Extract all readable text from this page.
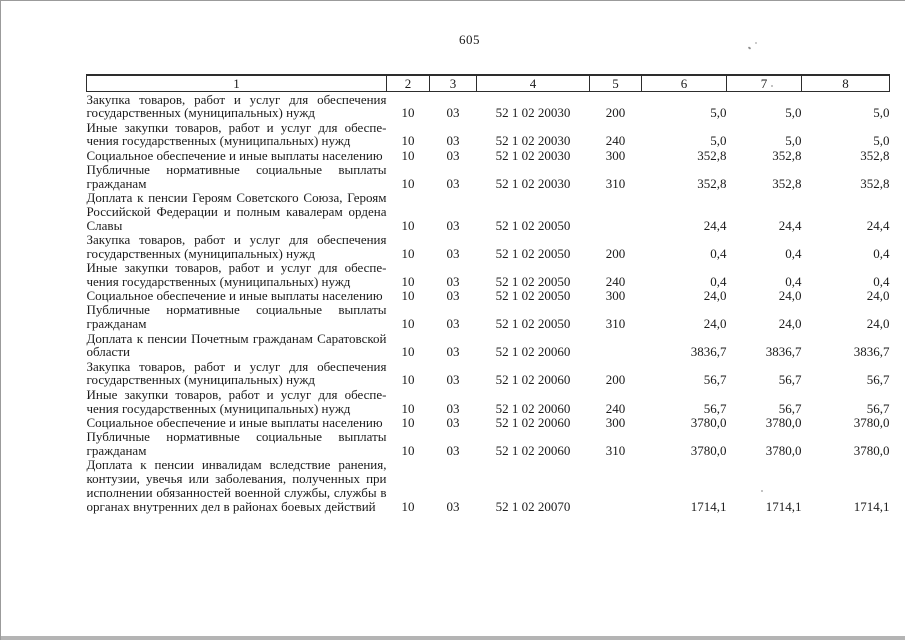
605
1	2	3	4	5	6	7	8
Закупка товаров, работ и услуг для обеспечения государственных (муниципальных) нужд	10	03	52 1 02 20030	200	5,0	5,0	5,0
Иные закупки товаров, работ и услуг для обеспечения государственных (муниципальных) нужд	10	03	52 1 02 20030	240	5,0	5,0	5,0
Социальное обеспечение и иные выплаты населению	10	03	52 1 02 20030	300	352,8	352,8	352,8
Публичные нормативные социальные выплаты гражданам	10	03	52 1 02 20030	310	352,8	352,8	352,8
Доплата к пенсии Героям Советского Союза, Героям Российской Федерации и полным кавалерам ордена Славы	10	03	52 1 02 20050		24,4	24,4	24,4
Закупка товаров, работ и услуг для обеспечения государственных (муниципальных) нужд	10	03	52 1 02 20050	200	0,4	0,4	0,4
Иные закупки товаров, работ и услуг для обеспечения государственных (муниципальных) нужд	10	03	52 1 02 20050	240	0,4	0,4	0,4
Социальное обеспечение и иные выплаты населению	10	03	52 1 02 20050	300	24,0	24,0	24,0
Публичные нормативные социальные выплаты гражданам	10	03	52 1 02 20050	310	24,0	24,0	24,0
Доплата к пенсии Почетным гражданам Саратовской области	10	03	52 1 02 20060		3836,7	3836,7	3836,7
Закупка товаров, работ и услуг для обеспечения государственных (муниципальных) нужд	10	03	52 1 02 20060	200	56,7	56,7	56,7
Иные закупки товаров, работ и услуг для обеспечения государственных (муниципальных) нужд	10	03	52 1 02 20060	240	56,7	56,7	56,7
Социальное обеспечение и иные выплаты населению	10	03	52 1 02 20060	300	3780,0	3780,0	3780,0
Публичные нормативные социальные выплаты гражданам	10	03	52 1 02 20060	310	3780,0	3780,0	3780,0
Доплата к пенсии инвалидам вследствие ранения, контузии, увечья или заболевания, полученных при исполнении обязанностей военной службы, службы в органах внутренних дел в районах боевых действий	10	03	52 1 02 20070		1714,1	1714,1	1714,1
